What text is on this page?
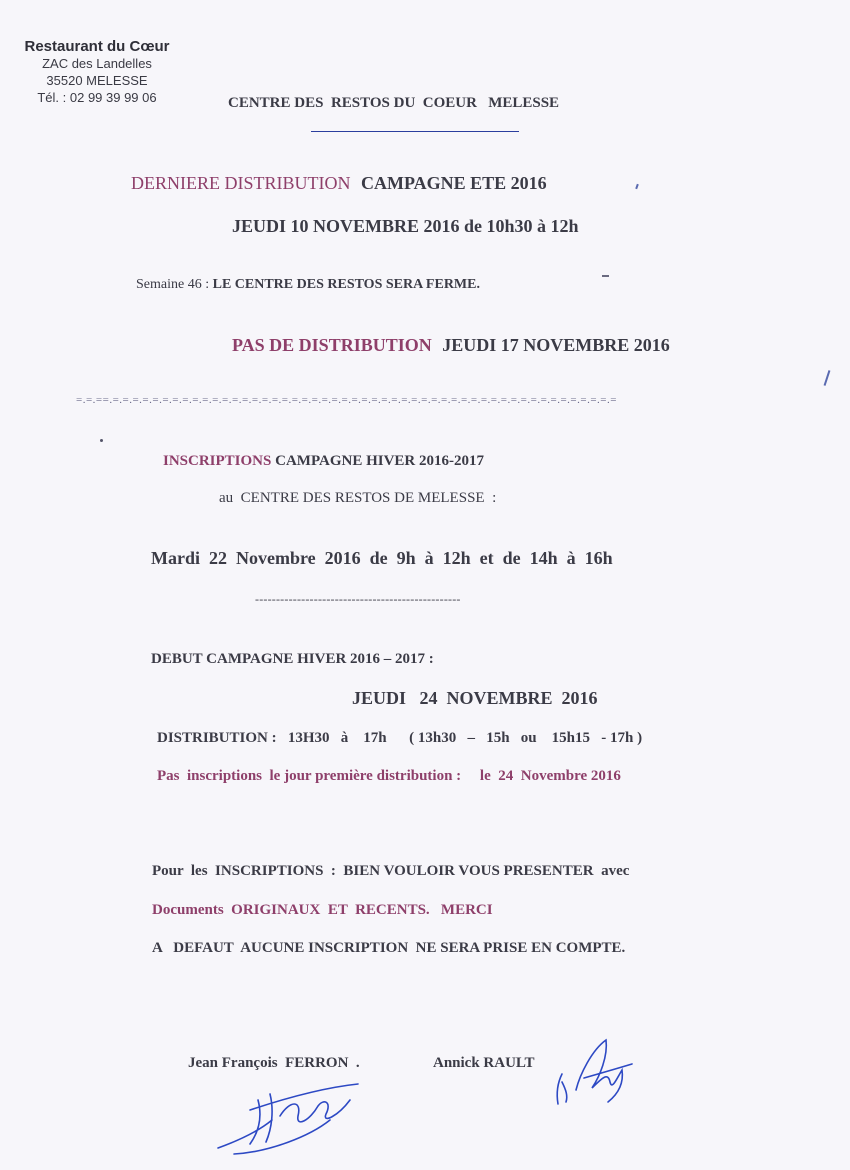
Restaurant du Cœur
ZAC des Landelles
35520 MELESSE
Tél. : 02 99 39 99 06	CENTRE DES  RESTOS DU  COEUR   MELESSE
DERNIERE DISTRIBUTION CAMPAGNE ETE 2016
JEUDI 10 NOVEMBRE 2016 de 10h30 à 12h
Semaine 46 : LE CENTRE DES RESTOS SERA FERME.
PAS DE DISTRIBUTION JEUDI 17 NOVEMBRE 2016
=.=.==.=.=.=.=.=.=.=.=.=.=.=.=.=.=.=.=.=.=.=.=.=.=.=.=.=.=.=.=.=.=.=.=.=.=.=.=.=.=.=.=.=.=.=.=.=.=.=.=.=.=.=
INSCRIPTIONS CAMPAGNE HIVER 2016-2017
au  CENTRE DES RESTOS DE MELESSE  :
Mardi  22  Novembre  2016  de  9h  à  12h  et  de  14h  à  16h
-------------------------------------------------
DEBUT CAMPAGNE HIVER 2016 – 2017 :
JEUDI   24  NOVEMBRE  2016
DISTRIBUTION :   13H30   à    17h      ( 13h30   –   15h   ou    15h15   - 17h )
Pas  inscriptions  le jour première distribution :     le  24  Novembre 2016
Pour  les  INSCRIPTIONS  :  BIEN VOULOIR VOUS PRESENTER  avec
Documents  ORIGINAUX  ET  RECENTS.   MERCI
A   DEFAUT  AUCUNE INSCRIPTION  NE SERA PRISE EN COMPTE.
Jean François  FERRON  .	Annick RAULT
